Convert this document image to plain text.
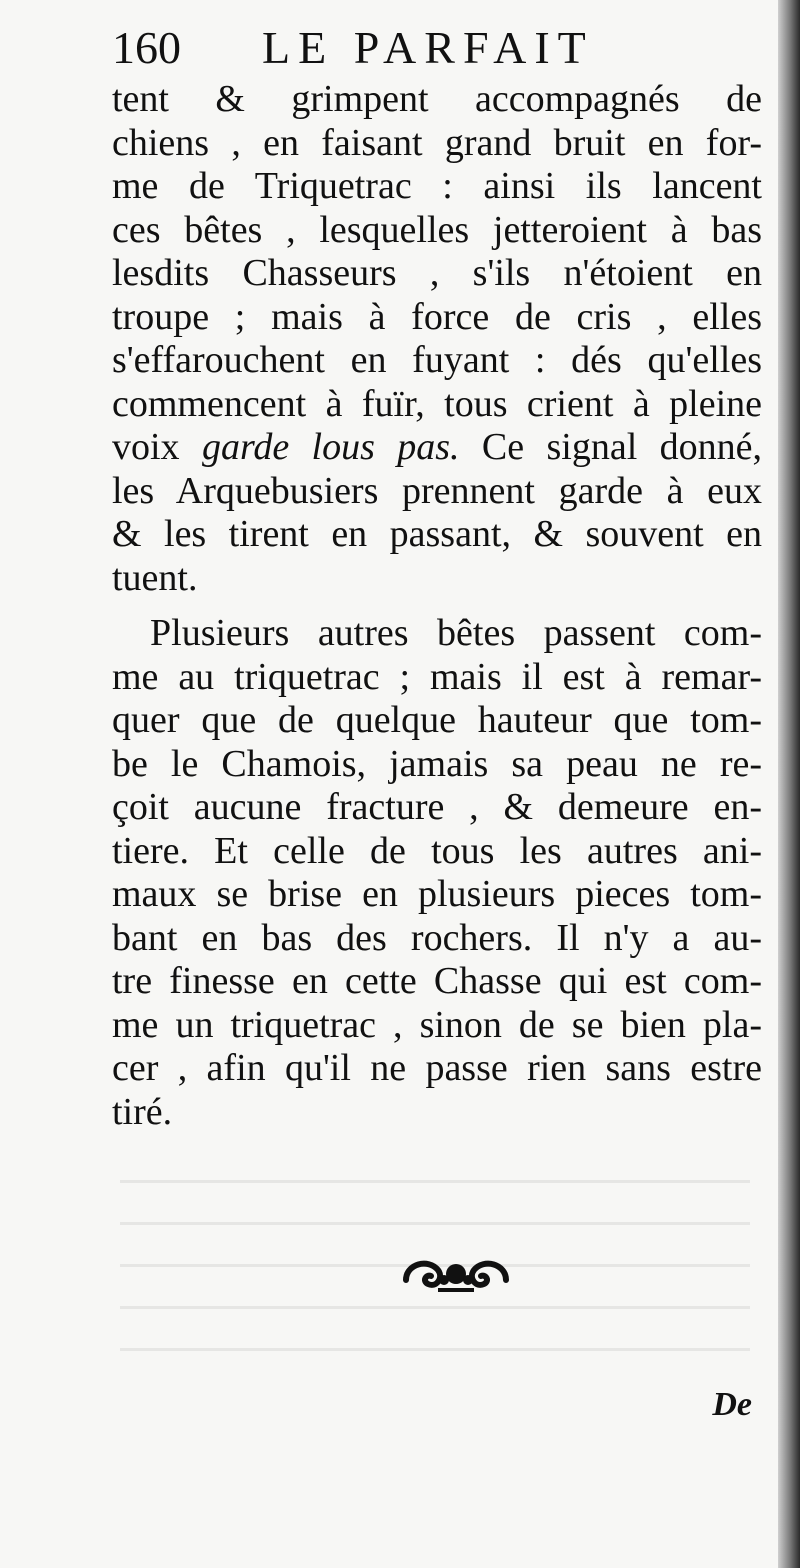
160 LE PARFAIT
tent & grimpent accompagnés de
chiens , en faisant grand bruit en for-
me de Triquetrac : ainsi ils lancent
ces bêtes , lesquelles jetteroient à bas
lesdits Chasseurs , s'ils n'étoient en
troupe ; mais à force de cris , elles
s'effarouchent en fuyant : dés qu'elles
commencent à fuïr, tous crient à pleine
voix garde lous pas. Ce signal donné,
les Arquebusiers prennent garde à eux
& les tirent en passant, & souvent en
tuent.
Plusieurs autres bêtes passent com-
me au triquetrac ; mais il est à remar-
quer que de quelque hauteur que tom-
be le Chamois, jamais sa peau ne re-
çoit aucune fracture , & demeure en-
tiere. Et celle de tous les autres ani-
maux se brise en plusieurs pieces tom-
bant en bas des rochers. Il n'y a au-
tre finesse en cette Chasse qui est com-
me un triquetrac , sinon de se bien pla-
cer , afin qu'il ne passe rien sans estre
tiré.
De
